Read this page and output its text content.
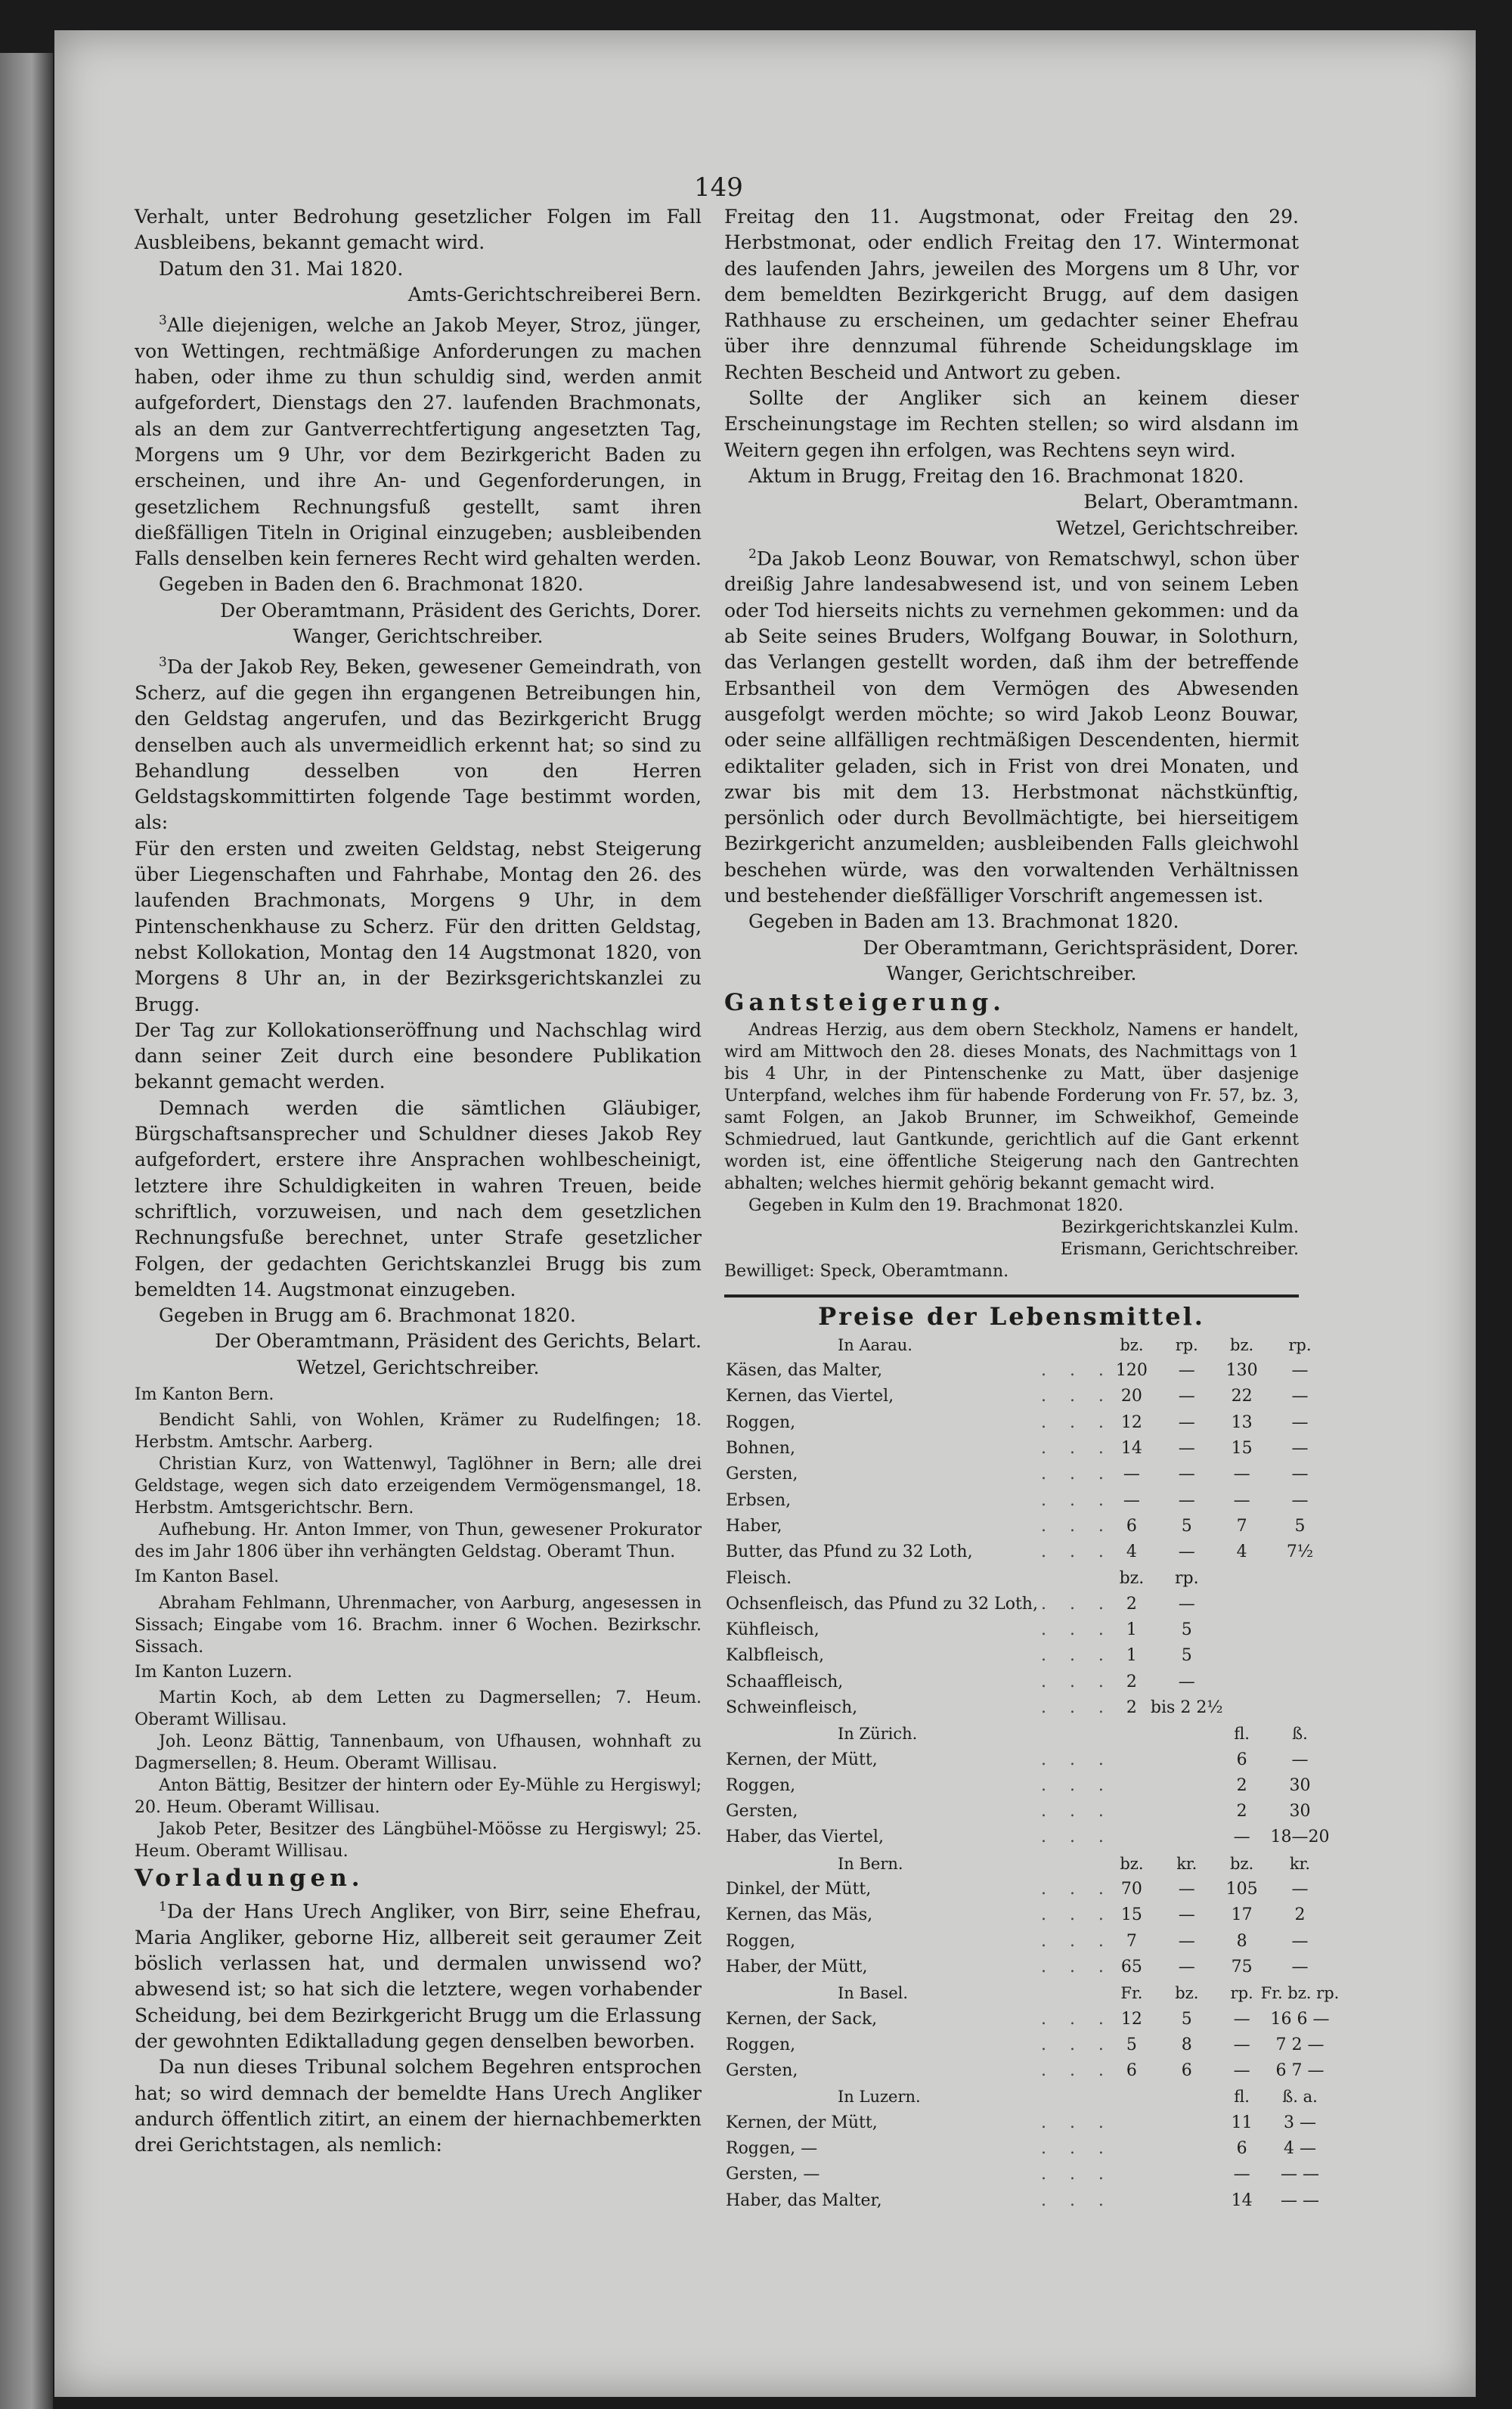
149

Verhalt, unter Bedrohung gesetzlicher Folgen im Fall Ausbleibens, bekannt gemacht wird.

Datum den 31. Mai 1820.

Amts-Gerichtschreiberei Bern.

$^3$Alle diejenigen, welche an Jakob Meyer, Stroz, jünger, von Wettingen, rechtmäßige Anforderungen zu machen haben, oder ihme zu thun schuldig sind, werden anmit aufgefordert, Dienstags den 27. laufenden Brachmonats, als an dem zur Gantverrechtfertigung angesetzten Tag, Morgens um 9 Uhr, vor dem Bezirkgericht Baden zu erscheinen, und ihre An- und Gegenforderungen, in gesetzlichem Rechnungsfuß gestellt, samt ihren dießfälligen Titeln in Original einzugeben; ausbleibenden Falls denselben kein ferneres Recht wird gehalten werden.

Gegeben in Baden den 6. Brachmonat 1820.

Der Oberamtmann, Präsident des Gerichts, Dorer.

Wanger, Gerichtschreiber.

$^3$Da der Jakob Rey, Beken, gewesener Gemeindrath, von Scherz, auf die gegen ihn ergangenen Betreibungen hin, den Geldstag angerufen, und das Bezirkgericht Brugg denselben auch als unvermeidlich erkennt hat; so sind zu Behandlung desselben von den Herren Geldstagskommittirten folgende Tage bestimmt worden, als:

Für den ersten und zweiten Geldstag, nebst Steigerung über Liegenschaften und Fahrhabe, Montag den 26. des laufenden Brachmonats, Morgens 9 Uhr, in dem Pintenschenkhause zu Scherz. Für den dritten Geldstag, nebst Kollokation, Montag den 14 Augstmonat 1820, von Morgens 8 Uhr an, in der Bezirksgerichtskanzlei zu Brugg.

Der Tag zur Kollokationseröffnung und Nachschlag wird dann seiner Zeit durch eine besondere Publikation bekannt gemacht werden.

Demnach werden die sämtlichen Gläubiger, Bürgschaftsansprecher und Schuldner dieses Jakob Rey aufgefordert, erstere ihre Ansprachen wohlbescheinigt, letztere ihre Schuldigkeiten in wahren Treuen, beide schriftlich, vorzuweisen, und nach dem gesetzlichen Rechnungsfuße berechnet, unter Strafe gesetzlicher Folgen, der gedachten Gerichtskanzlei Brugg bis zum bemeldten 14. Augstmonat einzugeben.

Gegeben in Brugg am 6. Brachmonat 1820.

Der Oberamtmann, Präsident des Gerichts, Belart.

Wetzel, Gerichtschreiber.

Im Kanton Bern.

Bendicht Sahli, von Wohlen, Krämer zu Rudelfingen; 18. Herbstm. Amtschr. Aarberg.

Christian Kurz, von Wattenwyl, Taglöhner in Bern; alle drei Geldstage, wegen sich dato erzeigendem Vermögensmangel, 18. Herbstm. Amtsgerichtschr. Bern.

Aufhebung. Hr. Anton Immer, von Thun, gewesener Prokurator des im Jahr 1806 über ihn verhängten Geldstag. Oberamt Thun.

Im Kanton Basel.

Abraham Fehlmann, Uhrenmacher, von Aarburg, angesessen in Sissach; Eingabe vom 16. Brachm. inner 6 Wochen. Bezirkschr. Sissach.

Im Kanton Luzern.

Martin Koch, ab dem Letten zu Dagmersellen; 7. Heum. Oberamt Willisau.

Joh. Leonz Bättig, Tannenbaum, von Ufhausen, wohnhaft zu Dagmersellen; 8. Heum. Oberamt Willisau.

Anton Bättig, Besitzer der hintern oder Ey-Mühle zu Hergiswyl; 20. Heum. Oberamt Willisau.

Jakob Peter, Besitzer des Längbühel-Möösse zu Hergiswyl; 25. Heum. Oberamt Willisau.

Vorladungen.

$^1$Da der Hans Urech Angliker, von Birr, seine Ehefrau, Maria Angliker, geborne Hiz, allbereit seit geraumer Zeit böslich verlassen hat, und dermalen unwissend wo? abwesend ist; so hat sich die letztere, wegen vorhabender Scheidung, bei dem Bezirkgericht Brugg um die Erlassung der gewohnten Ediktalladung gegen denselben beworben.

Da nun dieses Tribunal solchem Begehren entsprochen hat; so wird demnach der bemeldte Hans Urech Angliker andurch öffentlich zitirt, an einem der hiernachbemerkten drei Gerichtstagen, als nemlich:

Freitag den 11. Augstmonat, oder Freitag den 29. Herbstmonat, oder endlich Freitag den 17. Wintermonat des laufenden Jahrs, jeweilen des Morgens um 8 Uhr, vor dem bemeldten Bezirkgericht Brugg, auf dem dasigen Rathhause zu erscheinen, um gedachter seiner Ehefrau über ihre dennzumal führende Scheidungsklage im Rechten Bescheid und Antwort zu geben.

Sollte der Angliker sich an keinem dieser Erscheinungstage im Rechten stellen; so wird alsdann im Weitern gegen ihn erfolgen, was Rechtens seyn wird.

Aktum in Brugg, Freitag den 16. Brachmonat 1820.

Belart, Oberamtmann.

Wetzel, Gerichtschreiber.

$^2$Da Jakob Leonz Bouwar, von Rematschwyl, schon über dreißig Jahre landesabwesend ist, und von seinem Leben oder Tod hierseits nichts zu vernehmen gekommen: und da ab Seite seines Bruders, Wolfgang Bouwar, in Solothurn, das Verlangen gestellt worden, daß ihm der betreffende Erbsantheil von dem Vermögen des Abwesenden ausgefolgt werden möchte; so wird Jakob Leonz Bouwar, oder seine allfälligen rechtmäßigen Descendenten, hiermit ediktaliter geladen, sich in Frist von drei Monaten, und zwar bis mit dem 13. Herbstmonat nächstkünftig, persönlich oder durch Bevollmächtigte, bei hierseitigem Bezirkgericht anzumelden; ausbleibenden Falls gleichwohl beschehen würde, was den vorwaltenden Verhältnissen und bestehender dießfälliger Vorschrift angemessen ist.

Gegeben in Baden am 13. Brachmonat 1820.

Der Oberamtmann, Gerichtspräsident, Dorer.

Wanger, Gerichtschreiber.

Gantsteigerung.

Andreas Herzig, aus dem obern Steckholz, Namens er handelt, wird am Mittwoch den 28. dieses Monats, des Nachmittags von 1 bis 4 Uhr, in der Pintenschenke zu Matt, über dasjenige Unterpfand, welches ihm für habende Forderung von Fr. 57, bz. 3, samt Folgen, an Jakob Brunner, im Schweikhof, Gemeinde Schmiedrued, laut Gantkunde, gerichtlich auf die Gant erkennt worden ist, eine öffentliche Steigerung nach den Gantrechten abhalten; welches hiermit gehörig bekannt gemacht wird.

Gegeben in Kulm den 19. Brachmonat 1820.

Bezirkgerichtskanzlei Kulm.

Erismann, Gerichtschreiber.

Bewilliget: Speck, Oberamtmann.

Preise der Lebensmittel.
In Aarau.		bz.	rp.	bz.	rp.
Käsen, das Malter,	. . .	120	—	130	—
Kernen, das Viertel,	. . .	20	—	22	—
Roggen,	. . .	12	—	13	—
Bohnen,	. . .	14	—	15	—
Gersten,	. . .	—	—	—	—
Erbsen,	. . .	—	—	—	—
Haber,	. . .	6	5	7	5
Butter, das Pfund zu 32 Loth,	. . .	4	—	4	7½
Fleisch.		bz.	rp.		
Ochsenfleisch, das Pfund zu 32 Loth,	. . .	2	—		
Kühfleisch,	. . .	1	5		
Kalbfleisch,	. . .	1	5		
Schaaffleisch,	. . .	2	—		
Schweinfleisch,	. . .	2	bis 2 2½		
In Zürich.				fl.	ß.
Kernen, der Mütt,	. . .			6	—
Roggen,	. . .			2	30
Gersten,	. . .			2	30
Haber, das Viertel,	. . .			—	18—20
In Bern.		bz.	kr.	bz.	kr.
Dinkel, der Mütt,	. . .	70	—	105	—
Kernen, das Mäs,	. . .	15	—	17	2
Roggen,	. . .	7	—	8	—
Haber, der Mütt,	. . .	65	—	75	—
In Basel.		Fr.	bz.	rp.	Fr. bz. rp.
Kernen, der Sack,	. . .	12	5	—	16 6 —
Roggen,	. . .	5	8	—	7 2 —
Gersten,	. . .	6	6	—	6 7 —
In Luzern.				fl.	ß. a.
Kernen, der Mütt,	. . .			11	3 —
Roggen, —	. . .			6	4 —
Gersten, —	. . .			—	— —
Haber, das Malter,	. . .			14	— —
